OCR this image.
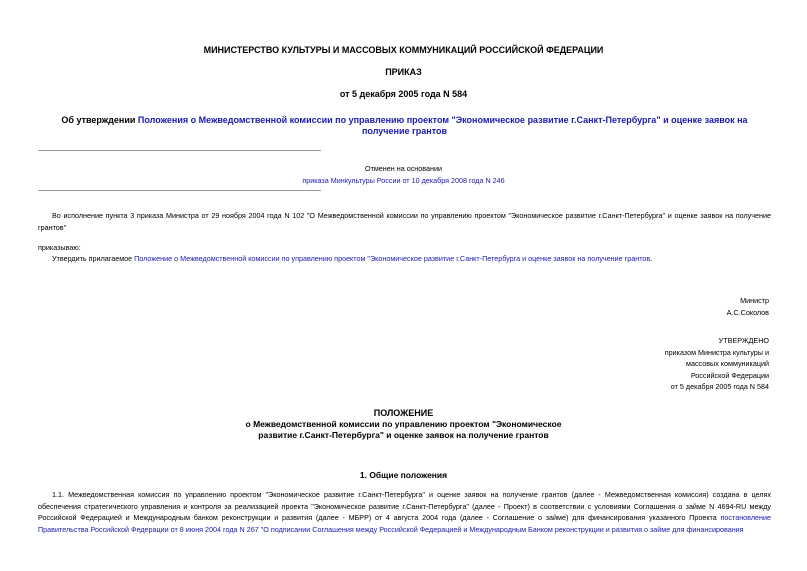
МИНИСТЕРСТВО КУЛЬТУРЫ И МАССОВЫХ КОММУНИКАЦИЙ РОССИЙСКОЙ ФЕДЕРАЦИИ
ПРИКАЗ
от 5 декабря 2005 года N 584
Об утверждении Положения о Межведомственной комиссии по управлению проектом "Экономическое развитие г.Санкт-Петербурга" и оценке заявок на получение грантов
Отменен на основании
приказа Минкультуры России от 10 декабря 2008 года N 246
Во исполнение пункта 3 приказа Министра от 29 ноября 2004 года N 102 "О Межведомственной комиссии по управлению проектом "Экономическое развитие г.Санкт-Петербурга" и оценке заявок на получение грантов"
приказываю:
Утвердить прилагаемое Положение о Межведомственной комиссии по управлению проектом "Экономическое развитие г.Санкт-Петербурга и оценке заявок на получение грантов.
Министр
А.С.Соколов
УТВЕРЖДЕНО
приказом Министра культуры и
массовых коммуникаций
Российской Федерации
от 5 декабря 2005 года N 584
ПОЛОЖЕНИЕ
о Межведомственной комиссии по управлению проектом "Экономическое
развитие г.Санкт-Петербурга" и оценке заявок на получение грантов
1. Общие положения
1.1. Межведомственная комиссия по управлению проектом "Экономическое развитие г.Санкт-Петербурга" и оценке заявок на получение грантов (далее - Межведомственная комиссия) создана в целях обеспечения стратегического управления и контроля за реализацией проекта "Экономическое развитие г.Санкт-Петербурга" (далее - Проект) в соответствии с условиями Соглашения о займе N 4694-RU между Российской Федерацией и Международным банком реконструкции и развития (далее - МБРР) от 4 августа 2004 года (далее - Соглашение о займе) для финансирования указанного Проекта постановление Правительства Российской Федерации от 8 июня 2004 года N 267 "О подписании Соглашения между Российской Федерацией и Международным Банком реконструкции и развития о займе для финансирования
